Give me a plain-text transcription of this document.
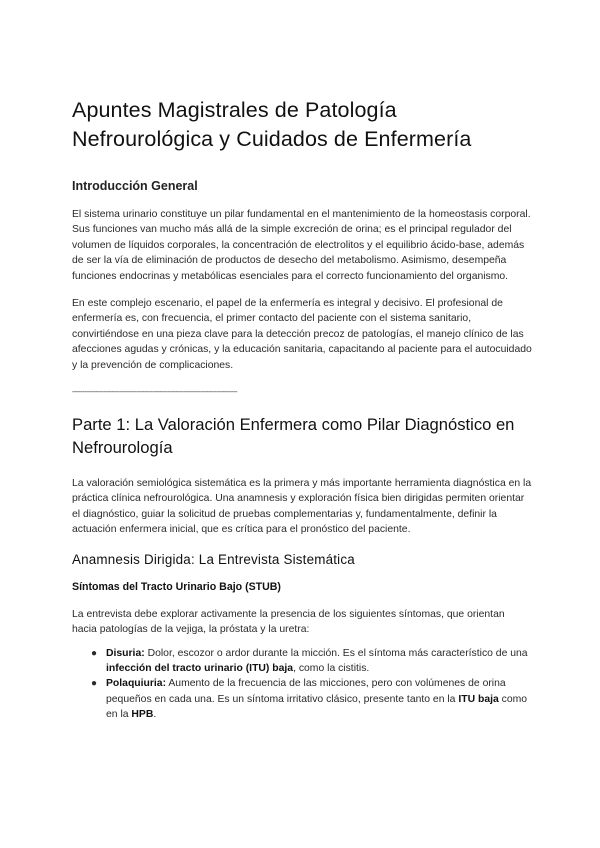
Apuntes Magistrales de Patología Nefrourológica y Cuidados de Enfermería
Introducción General

El sistema urinario constituye un pilar fundamental en el mantenimiento de la homeostasis corporal. Sus funciones van mucho más allá de la simple excreción de orina; es el principal regulador del volumen de líquidos corporales, la concentración de electrolitos y el equilibrio ácido-base, además de ser la vía de eliminación de productos de desecho del metabolismo. Asimismo, desempeña funciones endocrinas y metabólicas esenciales para el correcto funcionamiento del organismo.

En este complejo escenario, el papel de la enfermería es integral y decisivo. El profesional de enfermería es, con frecuencia, el primer contacto del paciente con el sistema sanitario, convirtiéndose en una pieza clave para la detección precoz de patologías, el manejo clínico de las afecciones agudas y crónicas, y la educación sanitaria, capacitando al paciente para el autocuidado y la prevención de complicaciones.

--------------------------------------------------------------------------------
Parte 1: La Valoración Enfermera como Pilar Diagnóstico en Nefrourología

La valoración semiológica sistemática es la primera y más importante herramienta diagnóstica en la práctica clínica nefrourológica. Una anamnesis y exploración física bien dirigidas permiten orientar el diagnóstico, guiar la solicitud de pruebas complementarias y, fundamentalmente, definir la actuación enfermera inicial, que es crítica para el pronóstico del paciente.

Anamnesis Dirigida: La Entrevista Sistemática
Síntomas del Tracto Urinario Bajo (STUB)

La entrevista debe explorar activamente la presencia de los siguientes síntomas, que orientan hacia patologías de la vejiga, la próstata y la uretra:

● Disuria: Dolor, escozor o ardor durante la micción. Es el síntoma más característico de una infección del tracto urinario (ITU) baja, como la cistitis.
● Polaquiuria: Aumento de la frecuencia de las micciones, pero con volúmenes de orina pequeños en cada una. Es un síntoma irritativo clásico, presente tanto en la ITU baja como en la HPB.
